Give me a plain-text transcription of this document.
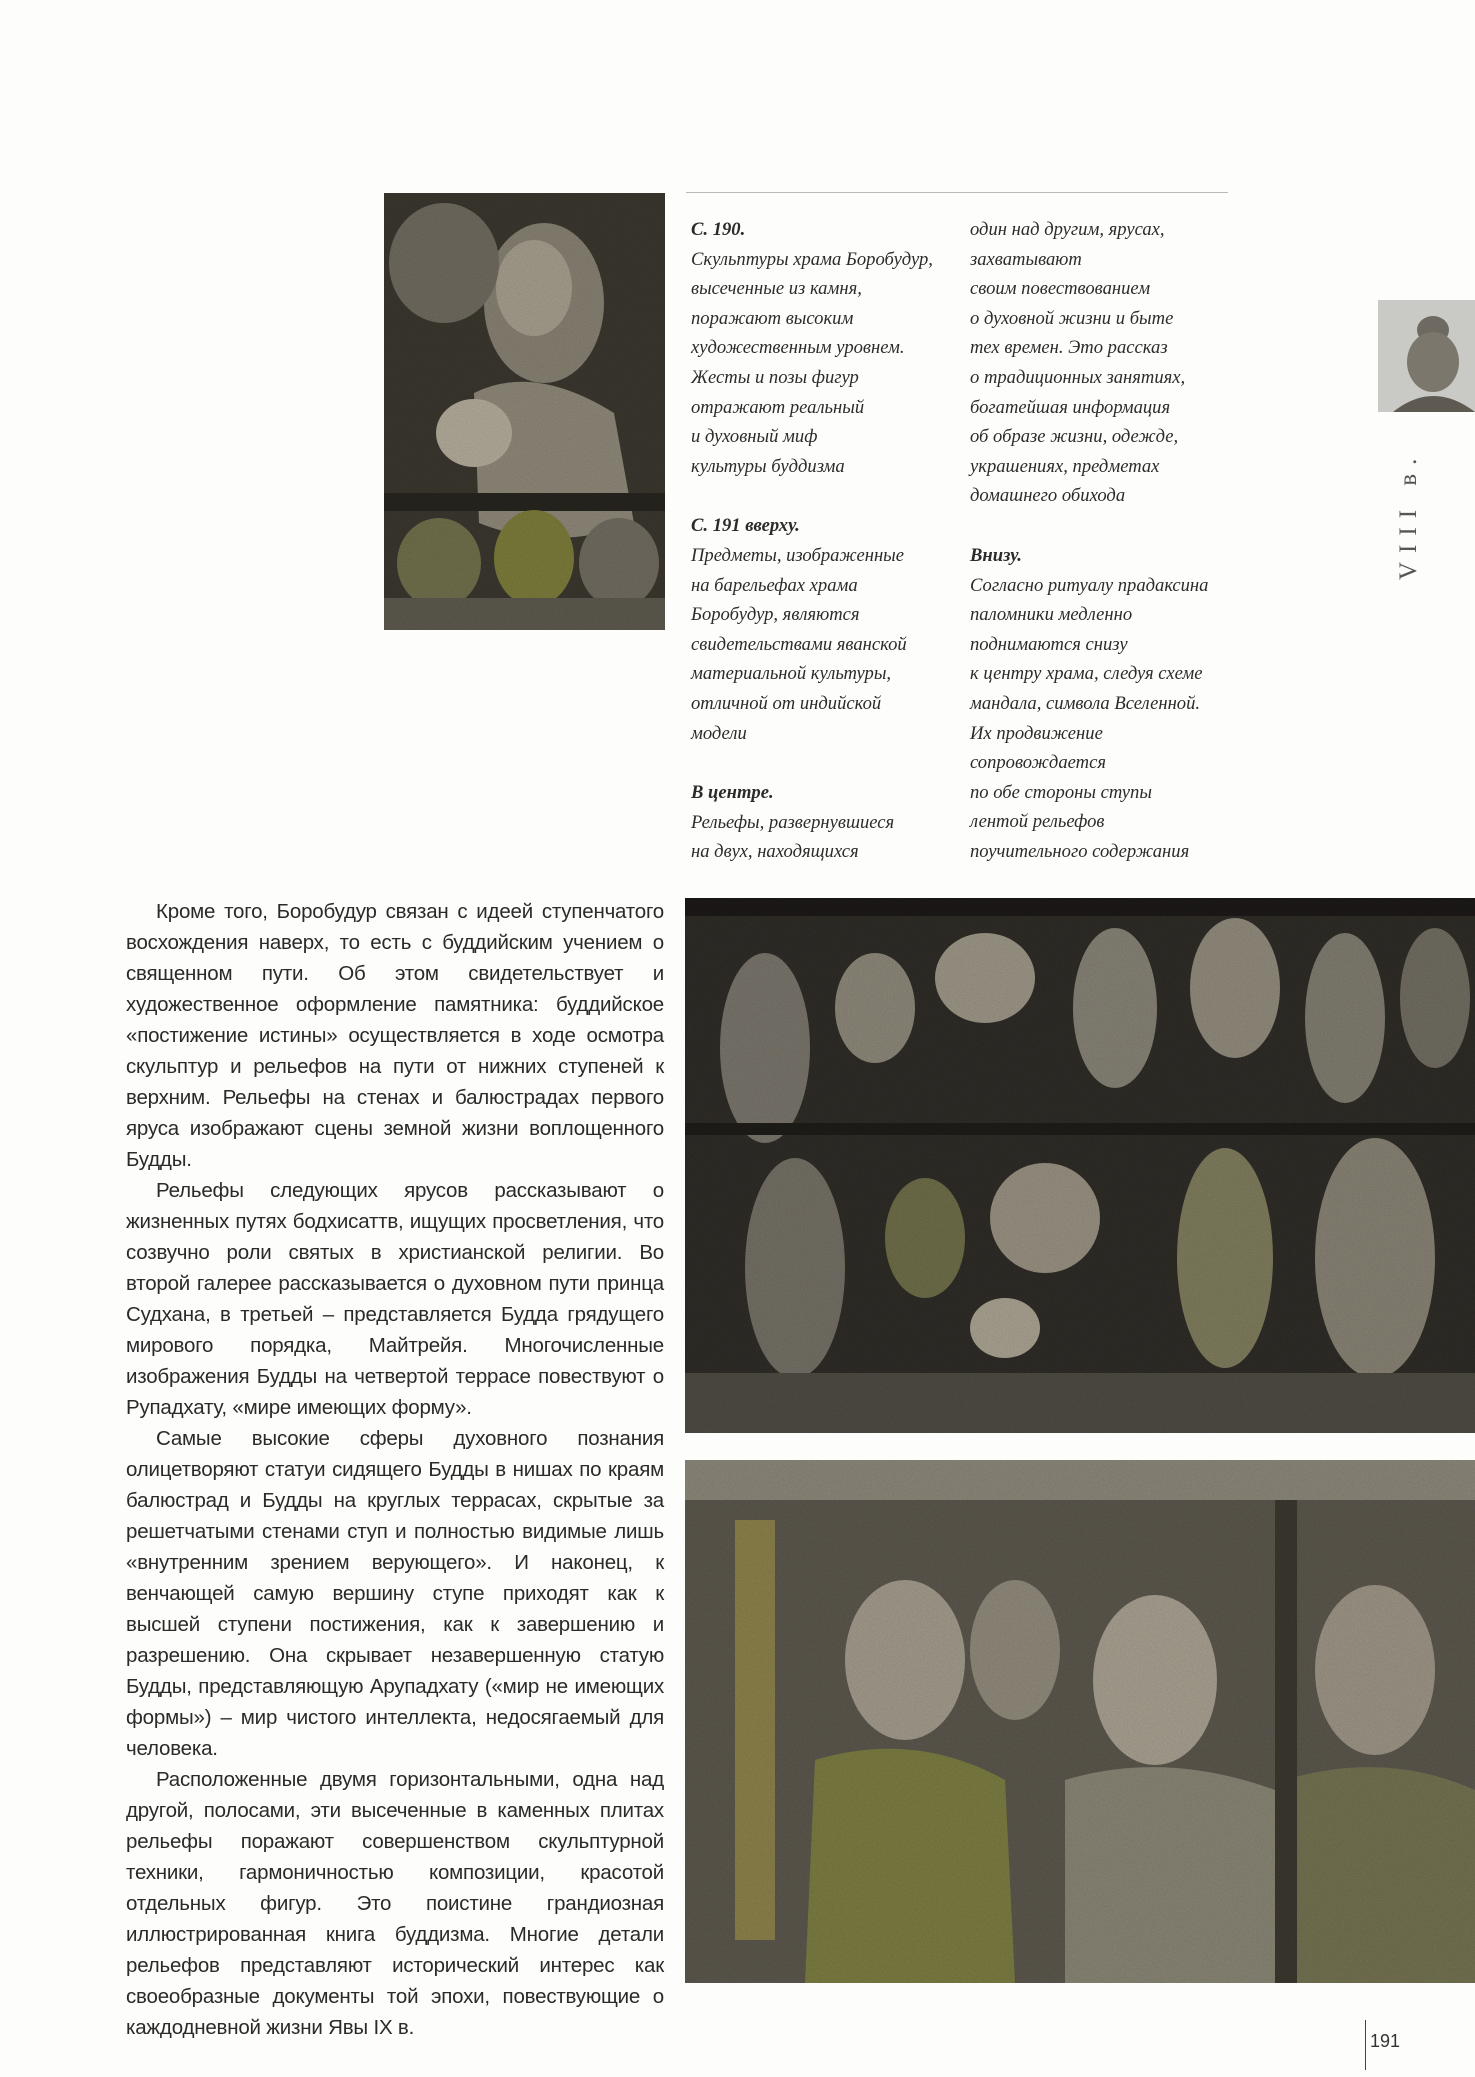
С. 190.
Скульптуры храма Боробудур,
высеченные из камня,
поражают высоким
художественным уровнем.
Жесты и позы фигур
отражают реальный
и духовный миф
культуры буддизма
С. 191 вверху.
Предметы, изображенные
на барельефах храма
Боробудур, являются
свидетельствами яванской
материальной культуры,
отличной от индийской
модели
В центре.
Рельефы, развернувшиеся
на двух, находящихся
один над другим, ярусах,
захватывают
своим повествованием
о духовной жизни и быте
тех времен. Это рассказ
о традиционных занятиях,
богатейшая информация
об образе жизни, одежде,
украшениях, предметах
домашнего обихода
Внизу.
Согласно ритуалу прадаксина
паломники медленно
поднимаются снизу
к центру храма, следуя схеме
мандала, символа Вселенной.
Их продвижение
сопровождается
по обе стороны ступы
лентой рельефов
поучительного содержания
VIII в.

Кроме того, Боробудур связан с идеей ступенчатого восхождения наверх, то есть с буддийским учением о священном пути. Об этом свидетельствует и художественное оформление памятника: буддийское «постижение истины» осуществляется в ходе осмотра скульптур и рельефов на пути от нижних ступеней к верхним. Рельефы на стенах и балюстрадах первого яруса изображают сцены земной жизни воплощенного Будды.

Рельефы следующих ярусов рассказывают о жизненных путях бодхисаттв, ищущих просветления, что созвучно роли святых в христианской религии. Во второй галерее рассказывается о духовном пути принца Судхана, в третьей – представляется Будда грядущего мирового порядка, Майтрейя. Многочисленные изображения Будды на четвертой террасе повествуют о Рупадхату, «мире имеющих форму».

Самые высокие сферы духовного познания олицетворяют статуи сидящего Будды в нишах по краям балюстрад и Будды на круглых террасах, скрытые за решетчатыми стенами ступ и полностью видимые лишь «внутренним зрением верующего». И наконец, к венчающей самую вершину ступе приходят как к высшей ступени постижения, как к завершению и разрешению. Она скрывает незавершенную статую Будды, представляющую Арупадхату («мир не имеющих формы») – мир чистого интеллекта, недосягаемый для человека.

Расположенные двумя горизонтальными, одна над другой, полосами, эти высеченные в каменных плитах рельефы поражают совершенством скульптурной техники, гармоничностью композиции, красотой отдельных фигур. Это поистине грандиозная иллюстрированная книга буддизма. Многие детали рельефов представляют исторический интерес как своеобразные документы той эпохи, повествующие о каждодневной жизни Явы IX в.

191
